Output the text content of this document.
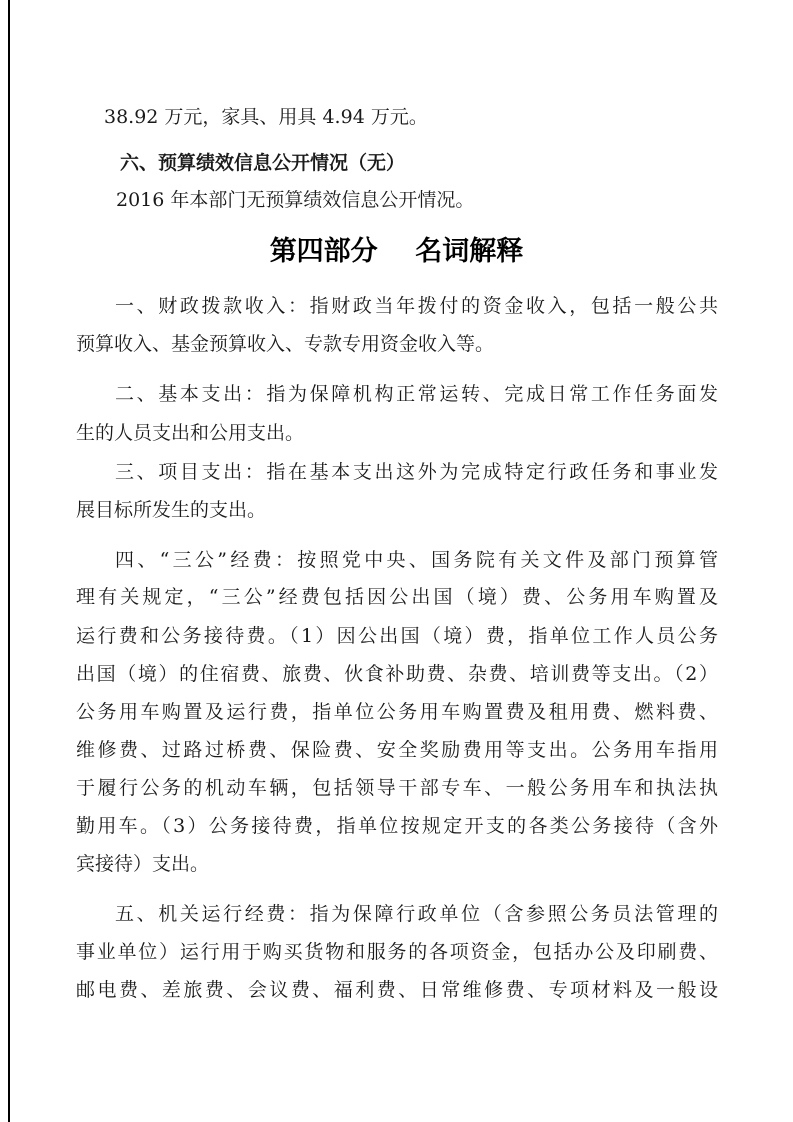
38.92 万元，家具、用具 4.94 万元。
六、预算绩效信息公开情况（无）
2016 年本部门无预算绩效信息公开情况。
第四部分    名词解释
一、财政拨款收入：指财政当年拨付的资金收入，包括一般公共
预算收入、基金预算收入、专款专用资金收入等。
二、基本支出：指为保障机构正常运转、完成日常工作任务面发
生的人员支出和公用支出。
三、项目支出：指在基本支出这外为完成特定行政任务和事业发
展目标所发生的支出。
四、“三公”经费：按照党中央、国务院有关文件及部门预算管
理有关规定，“三公”经费包括因公出国（境）费、公务用车购置及
运行费和公务接待费。（1）因公出国（境）费，指单位工作人员公务
出国（境）的住宿费、旅费、伙食补助费、杂费、培训费等支出。（2）
公务用车购置及运行费，指单位公务用车购置费及租用费、燃料费、
维修费、过路过桥费、保险费、安全奖励费用等支出。公务用车指用
于履行公务的机动车辆，包括领导干部专车、一般公务用车和执法执
勤用车。（3）公务接待费，指单位按规定开支的各类公务接待（含外
宾接待）支出。
五、机关运行经费：指为保障行政单位（含参照公务员法管理的
事业单位）运行用于购买货物和服务的各项资金，包括办公及印刷费、
邮电费、差旅费、会议费、福利费、日常维修费、专项材料及一般设
